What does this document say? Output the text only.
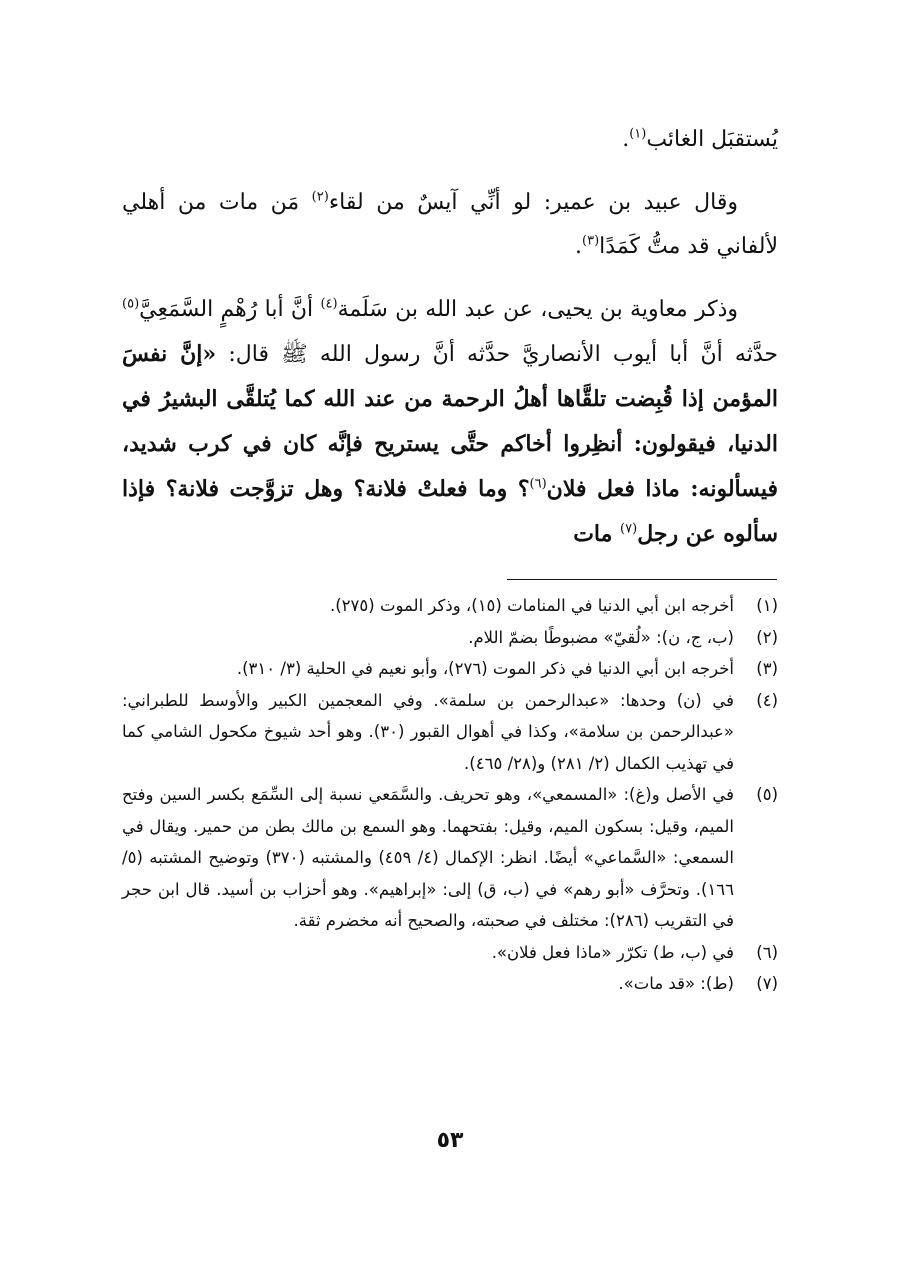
يُستقبَل الغائب$^{(١)}$.

وقال عبيد بن عمير: لو أنِّي آيسٌ من لقاء$^{(٢)}$ مَن مات من أهلي لألفاني قد متُّ كَمَدًا$^{(٣)}$.

وذكر معاوية بن يحيى، عن عبد الله بن سَلَمة$^{(٤)}$ أنَّ أبا رُهْمٍ السَّمَعِيَّ$^{(٥)}$ حدَّثه أنَّ أبا أيوب الأنصاريَّ حدَّثه أنَّ رسول الله ﷺ قال: «إنَّ نفسَ المؤمن إذا قُبِضت تلقَّاها أهلُ الرحمة من عند الله كما يُتلقَّى البشيرُ في الدنيا، فيقولون: أنظِروا أخاكم حتَّى يستريح فإنَّه كان في كرب شديد، فيسألونه: ماذا فعل فلان$^{(٦)}$؟ وما فعلتْ فلانة؟ وهل تزوَّجت فلانة؟ فإذا سألوه عن رجل$^{(٧)}$ مات

(١)
أخرجه ابن أبي الدنيا في المنامات (١٥)، وذكر الموت (٢٧٥).
(٢)
(ب، ج، ن): «لُقيّ» مضبوطًا بضمّ اللام.
(٣)
أخرجه ابن أبي الدنيا في ذكر الموت (٢٧٦)، وأبو نعيم في الحلية (٣/ ٣١٠).
(٤)
في (ن) وحدها: «عبدالرحمن بن سلمة». وفي المعجمين الكبير والأوسط للطبراني: «عبدالرحمن بن سلامة»، وكذا في أهوال القبور (٣٠). وهو أحد شيوخ مكحول الشامي كما في تهذيب الكمال (٢/ ٢٨١) و(٢٨/ ٤٦٥).
(٥)
في الأصل و(غ): «المسمعي»، وهو تحريف. والسَّمَعي نسبة إلى السِّمَع بكسر السين وفتح الميم، وقيل: بسكون الميم، وقيل: بفتحهما. وهو السمع بن مالك بطن من حمير. ويقال في السمعي: «السَّماعي» أيضًا. انظر: الإكمال (٤/ ٤٥٩) والمشتبه (٣٧٠) وتوضيح المشتبه (٥/ ١٦٦). وتحرَّف «أبو رهم» في (ب، ق) إلى: «إبراهيم». وهو أحزاب بن أسيد. قال ابن حجر في التقريب (٢٨٦): مختلف في صحبته، والصحيح أنه مخضرم ثقة.
(٦)
في (ب، ط) تكرّر «ماذا فعل فلان».
(٧)
(ط): «قد مات».
٥٣
